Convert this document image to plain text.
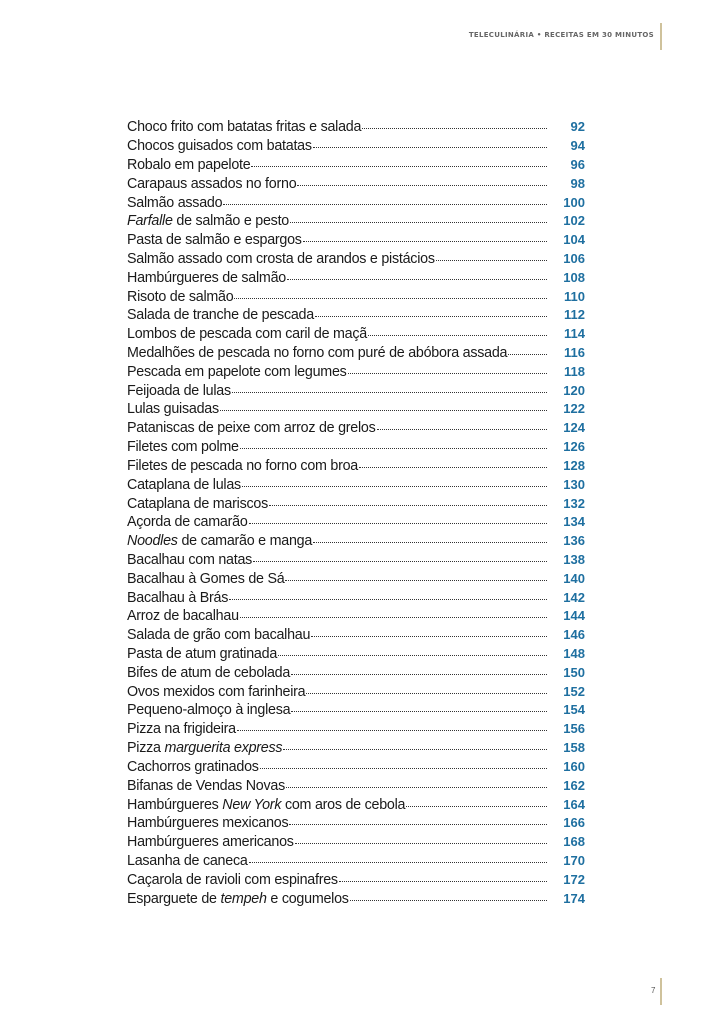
TELECULINÁRIA • RECEITAS EM 30 MINUTOS
Choco frito com batatas fritas e salada	92
Chocos guisados com batatas	94
Robalo em papelote	96
Carapaus assados no forno	98
Salmão assado	100
Farfalle de salmão e pesto	102
Pasta de salmão e espargos	104
Salmão assado com crosta de arandos e pistácios	106
Hambúrgueres de salmão	108
Risoto de salmão	110
Salada de tranche de pescada	112
Lombos de pescada com caril de maçã	114
Medalhões de pescada no forno com puré de abóbora assada	116
Pescada em papelote com legumes	118
Feijoada de lulas	120
Lulas guisadas	122
Pataniscas de peixe com arroz de grelos	124
Filetes com polme	126
Filetes de pescada no forno com broa	128
Cataplana de lulas	130
Cataplana de mariscos	132
Açorda de camarão	134
Noodles de camarão e manga	136
Bacalhau com natas	138
Bacalhau à Gomes de Sá	140
Bacalhau à Brás	142
Arroz de bacalhau	144
Salada de grão com bacalhau	146
Pasta de atum gratinada	148
Bifes de atum de cebolada	150
Ovos mexidos com farinheira	152
Pequeno-almoço à inglesa	154
Pizza na frigideira	156
Pizza marguerita express	158
Cachorros gratinados	160
Bifanas de Vendas Novas	162
Hambúrgueres New York com aros de cebola	164
Hambúrgueres mexicanos	166
Hambúrgueres americanos	168
Lasanha de caneca	170
Caçarola de ravioli com espinafres	172
Esparguete de tempeh e cogumelos	174
7
